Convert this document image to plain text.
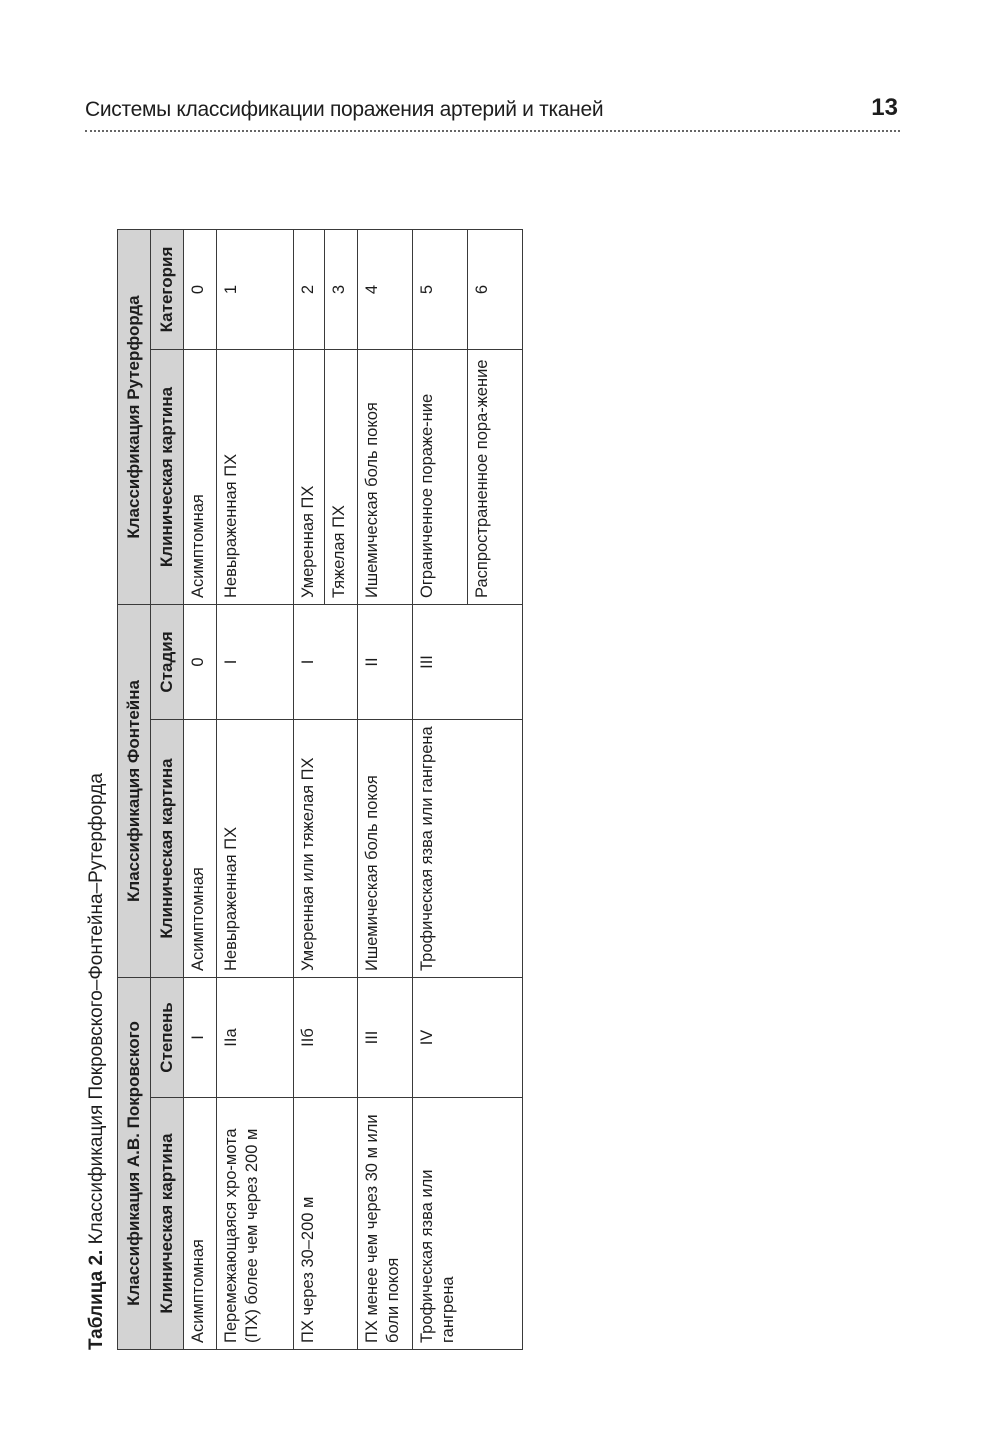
Системы классификации поражения артерий и тканей	13
Таблица 2. Классификация Покровского–Фонтейна–Рутерфорда	Классификация А.В. Покровского		Классификация Фонтейна		Классификация Рутерфорда	
Клиническая картина	Степень	Клиническая картина	Стадия	Клиническая картина	Категория
Асимптомная	I	Асимптомная	0	Асимптомная	0
Перемежающаяся хро-мота (ПХ) более чем через 200 м	IIа	Невыраженная ПХ	I	Невыраженная ПХ	1
ПХ через 30–200 м	IIб	Умеренная или тяжелая ПХ	I	Умеренная ПХ	2
				Тяжелая ПХ	3
ПХ менее чем через 30 м или боли покоя	III	Ишемическая боль покоя	II	Ишемическая боль покоя	4
Трофическая язва или гангрена	IV	Трофическая язва или гангрена	III	Ограниченное пораже-ние	5
				Распространенное пора-жение	6
